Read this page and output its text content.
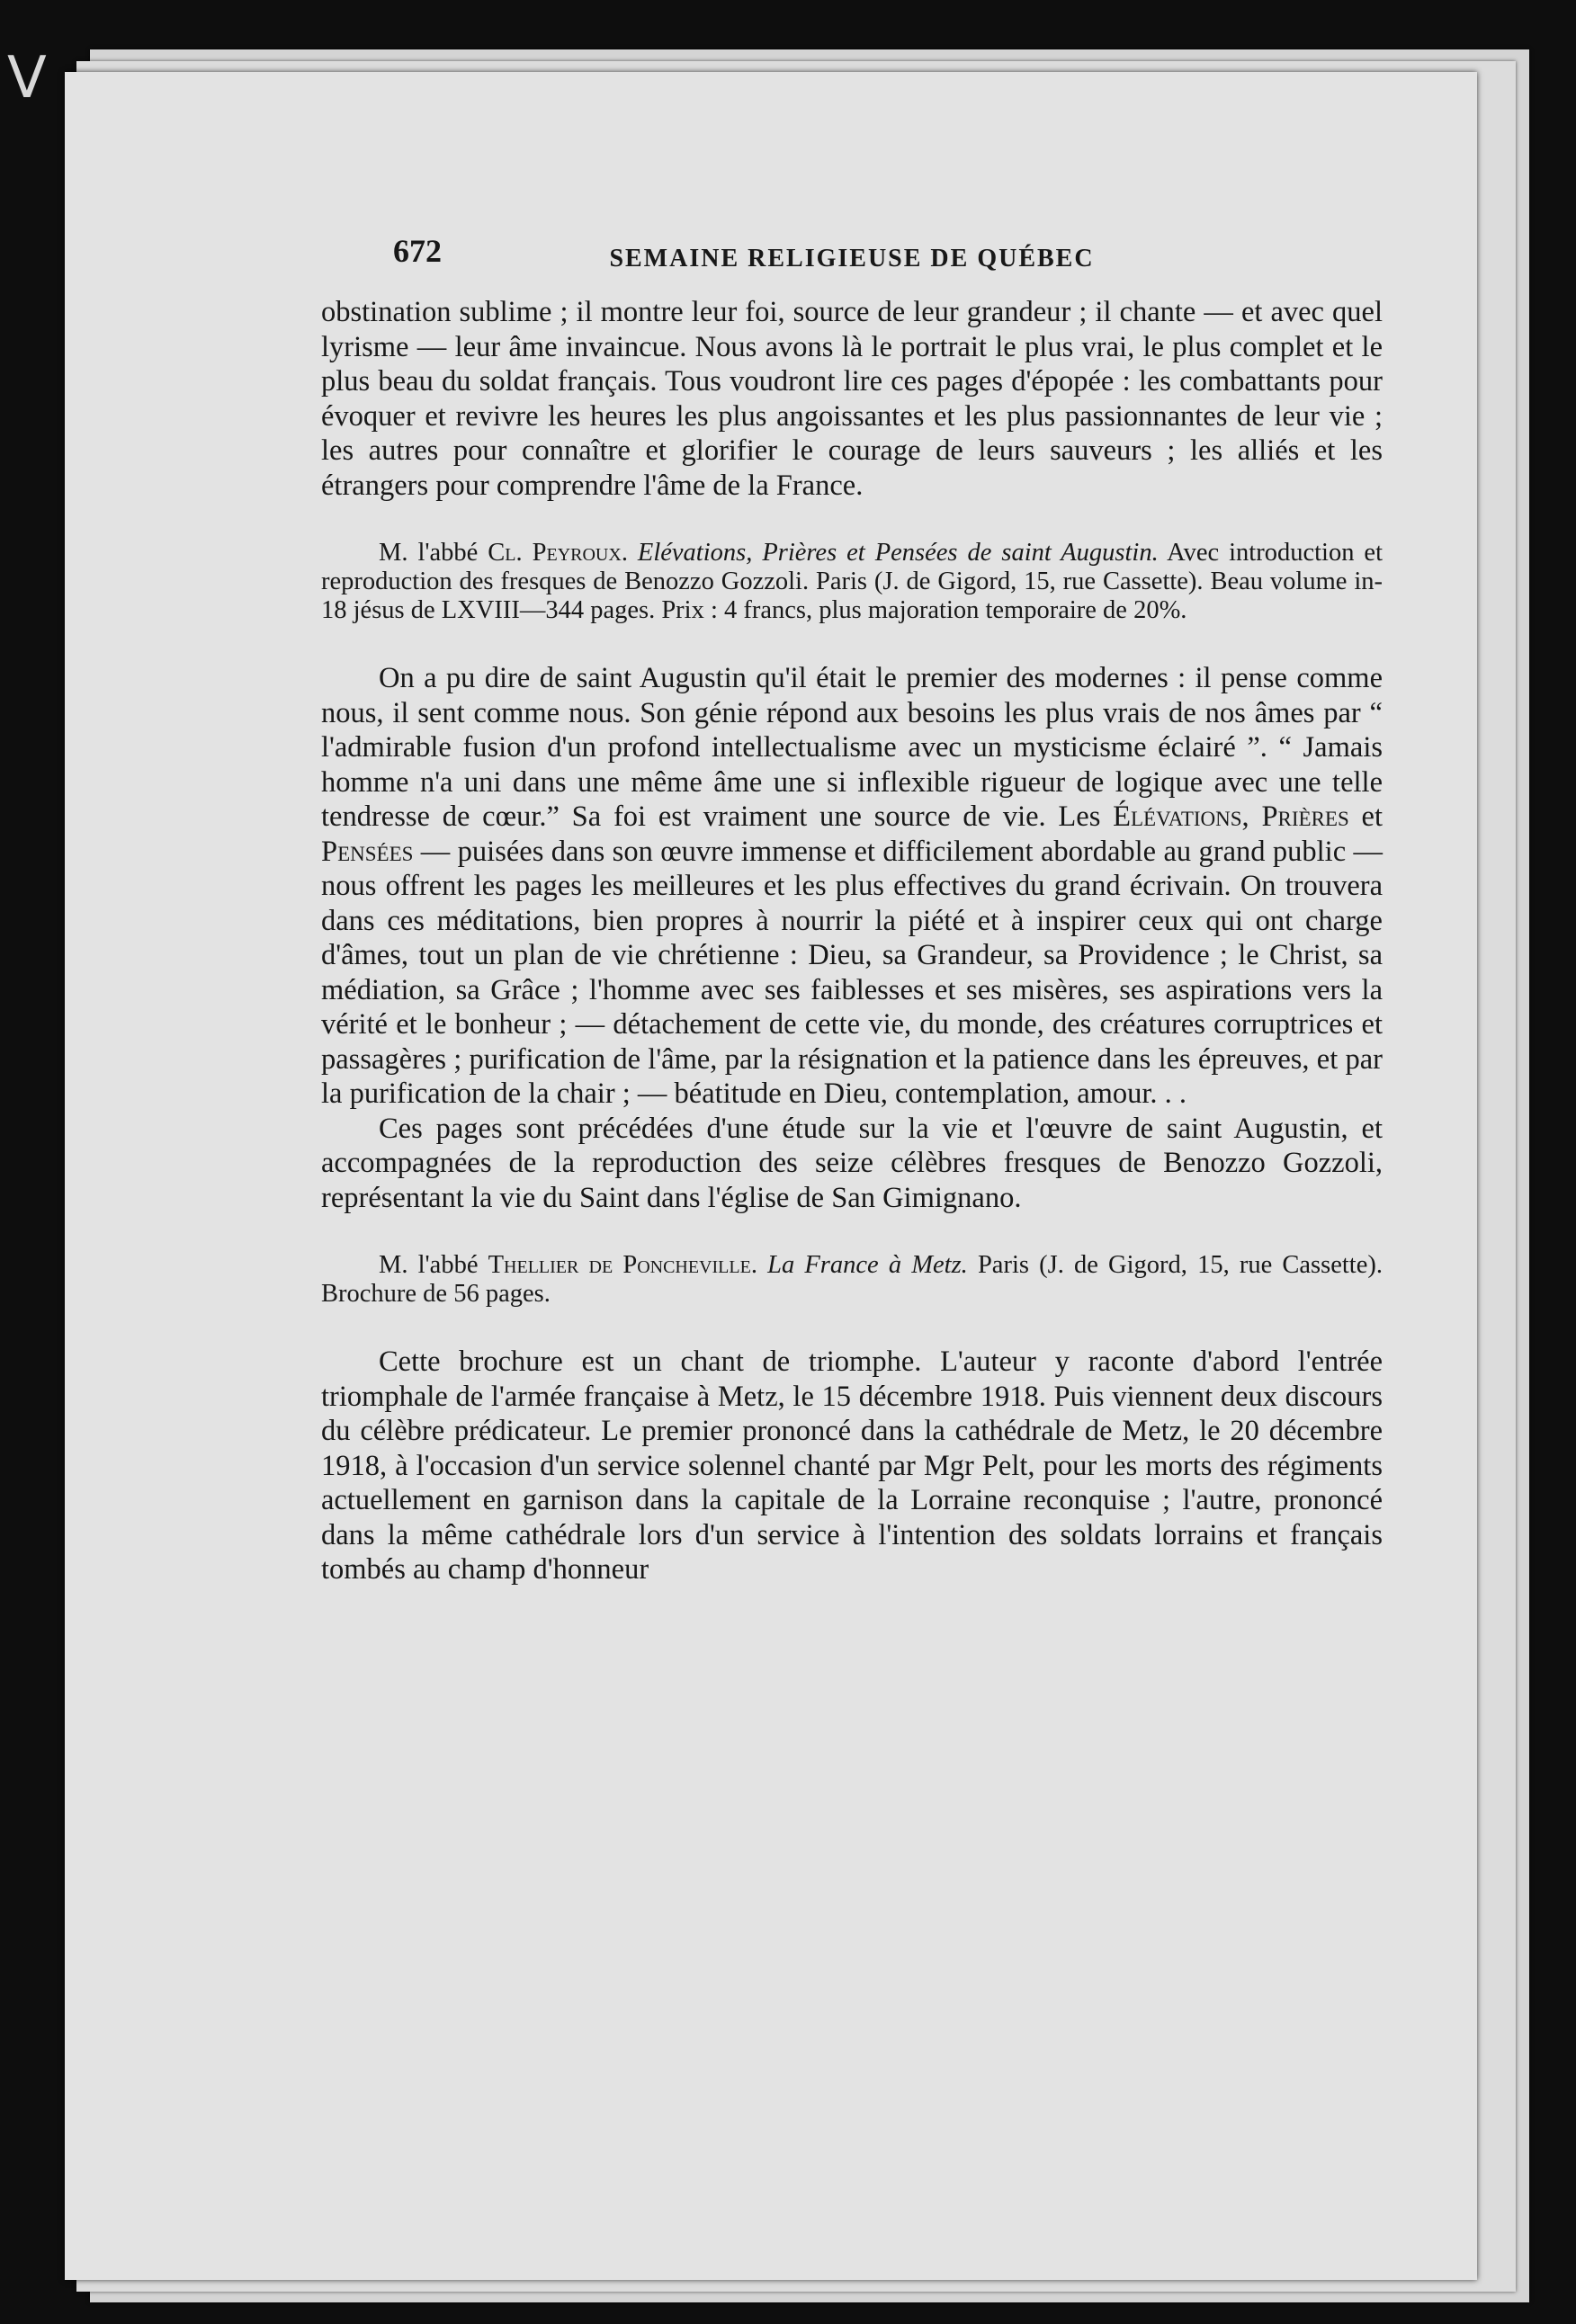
V
672	SEMAINE RELIGIEUSE DE QUÉBEC

obstination sublime ; il montre leur foi, source de leur grandeur ; il chante — et avec quel lyrisme — leur âme invaincue. Nous avons là le portrait le plus vrai, le plus complet et le plus beau du soldat français. Tous voudront lire ces pages d'épopée : les combattants pour évoquer et revivre les heures les plus angoissantes et les plus passionnantes de leur vie ; les autres pour connaître et glorifier le courage de leurs sauveurs ; les alliés et les étrangers pour comprendre l'âme de la France.

M. l'abbé Cl. Peyroux. Elévations, Prières et Pensées de saint Augustin. Avec introduction et reproduction des fresques de Benozzo Gozzoli. Paris (J. de Gigord, 15, rue Cassette). Beau volume in-18 jésus de LXVIII—344 pages. Prix : 4 francs, plus majoration temporaire de 20%.

On a pu dire de saint Augustin qu'il était le premier des modernes : il pense comme nous, il sent comme nous. Son génie répond aux besoins les plus vrais de nos âmes par “ l'admirable fusion d'un profond intellectualisme avec un mysticisme éclairé ”. “ Jamais homme n'a uni dans une même âme une si inflexible rigueur de logique avec une telle tendresse de cœur.” Sa foi est vraiment une source de vie. Les Élévations, Prières et Pensées — puisées dans son œuvre immense et difficilement abordable au grand public — nous offrent les pages les meilleures et les plus effectives du grand écrivain. On trouvera dans ces méditations, bien propres à nourrir la piété et à inspirer ceux qui ont charge d'âmes, tout un plan de vie chrétienne : Dieu, sa Grandeur, sa Providence ; le Christ, sa médiation, sa Grâce ; l'homme avec ses faiblesses et ses misères, ses aspirations vers la vérité et le bonheur ; — détachement de cette vie, du monde, des créatures corruptrices et passagères ; purification de l'âme, par la résignation et la patience dans les épreuves, et par la purification de la chair ; — béatitude en Dieu, contemplation, amour. . .

Ces pages sont précédées d'une étude sur la vie et l'œuvre de saint Augustin, et accompagnées de la reproduction des seize célèbres fresques de Benozzo Gozzoli, représentant la vie du Saint dans l'église de San Gimignano.

M. l'abbé Thellier de Poncheville. La France à Metz. Paris (J. de Gigord, 15, rue Cassette). Brochure de 56 pages.

Cette brochure est un chant de triomphe. L'auteur y raconte d'abord l'entrée triomphale de l'armée française à Metz, le 15 décembre 1918. Puis viennent deux discours du célèbre prédicateur. Le premier prononcé dans la cathédrale de Metz, le 20 décembre 1918, à l'occasion d'un service solennel chanté par Mgr Pelt, pour les morts des régiments actuellement en garnison dans la capitale de la Lorraine reconquise ; l'autre, prononcé dans la même cathédrale lors d'un service à l'intention des soldats lorrains et français tombés au champ d'honneur
